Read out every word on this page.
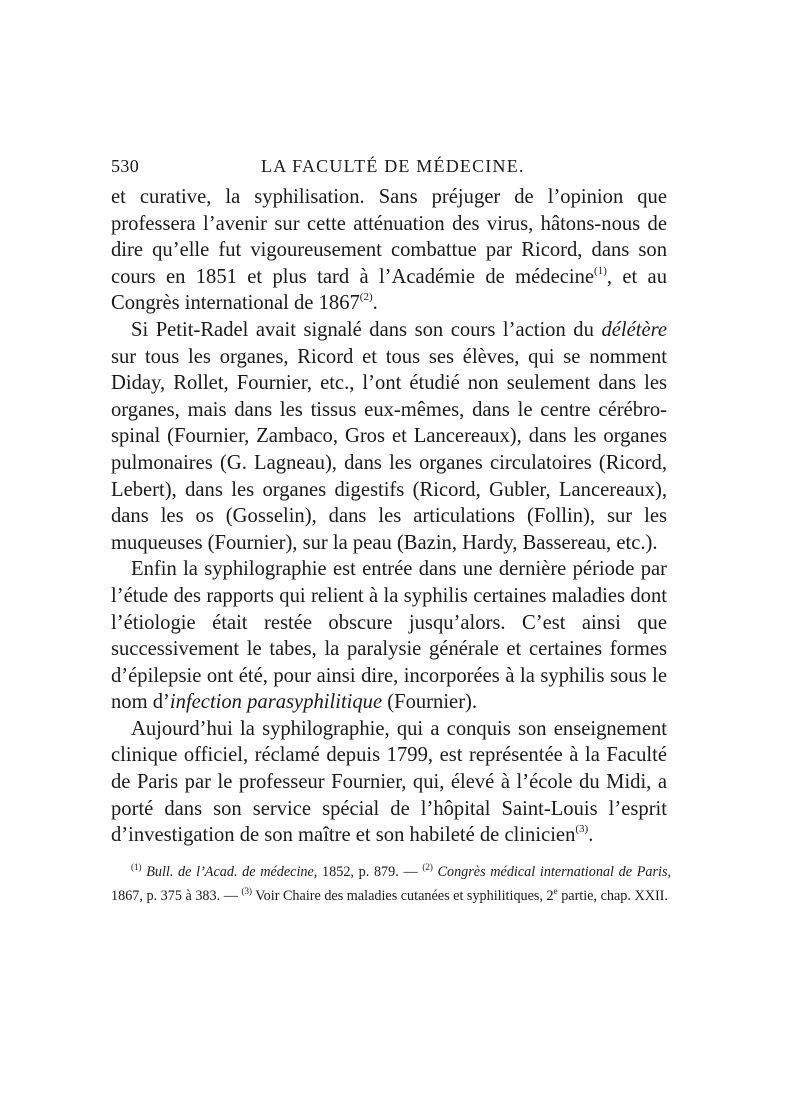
530	LA FACULTÉ DE MÉDECINE.

et curative, la syphilisation. Sans préjuger de l’opinion que professera l’avenir sur cette atténuation des virus, hâtons-nous de dire qu’elle fut vigoureusement combattue par Ricord, dans son cours en 1851 et plus tard à l’Académie de médecine$^{(1)}$, et au Congrès international de 1867$^{(2)}$.

Si Petit-Radel avait signalé dans son cours l’action du délétère sur tous les organes, Ricord et tous ses élèves, qui se nomment Diday, Rollet, Fournier, etc., l’ont étudié non seulement dans les organes, mais dans les tissus eux-mêmes, dans le centre cérébro-spinal (Fournier, Zambaco, Gros et Lancereaux), dans les organes pulmonaires (G. Lagneau), dans les organes circulatoires (Ricord, Lebert), dans les organes digestifs (Ricord, Gubler, Lancereaux), dans les os (Gosselin), dans les articulations (Follin), sur les muqueuses (Fournier), sur la peau (Bazin, Hardy, Bassereau, etc.).

Enfin la syphilographie est entrée dans une dernière période par l’étude des rapports qui relient à la syphilis certaines maladies dont l’étiologie était restée obscure jusqu’alors. C’est ainsi que successivement le tabes, la paralysie générale et certaines formes d’épilepsie ont été, pour ainsi dire, incorporées à la syphilis sous le nom d’infection parasyphilitique (Fournier).

Aujourd’hui la syphilographie, qui a conquis son enseignement clinique officiel, réclamé depuis 1799, est représentée à la Faculté de Paris par le professeur Fournier, qui, élevé à l’école du Midi, a porté dans son service spécial de l’hôpital Saint-Louis l’esprit d’investigation de son maître et son habileté de clinicien$^{(3)}$.

$^{(1)}$ Bull. de l’Acad. de médecine, 1852, p. 879. — $^{(2)}$ Congrès médical international de Paris, 1867, p. 375 à 383. — $^{(3)}$ Voir Chaire des maladies cutanées et syphilitiques, 2e partie, chap. XXII.
